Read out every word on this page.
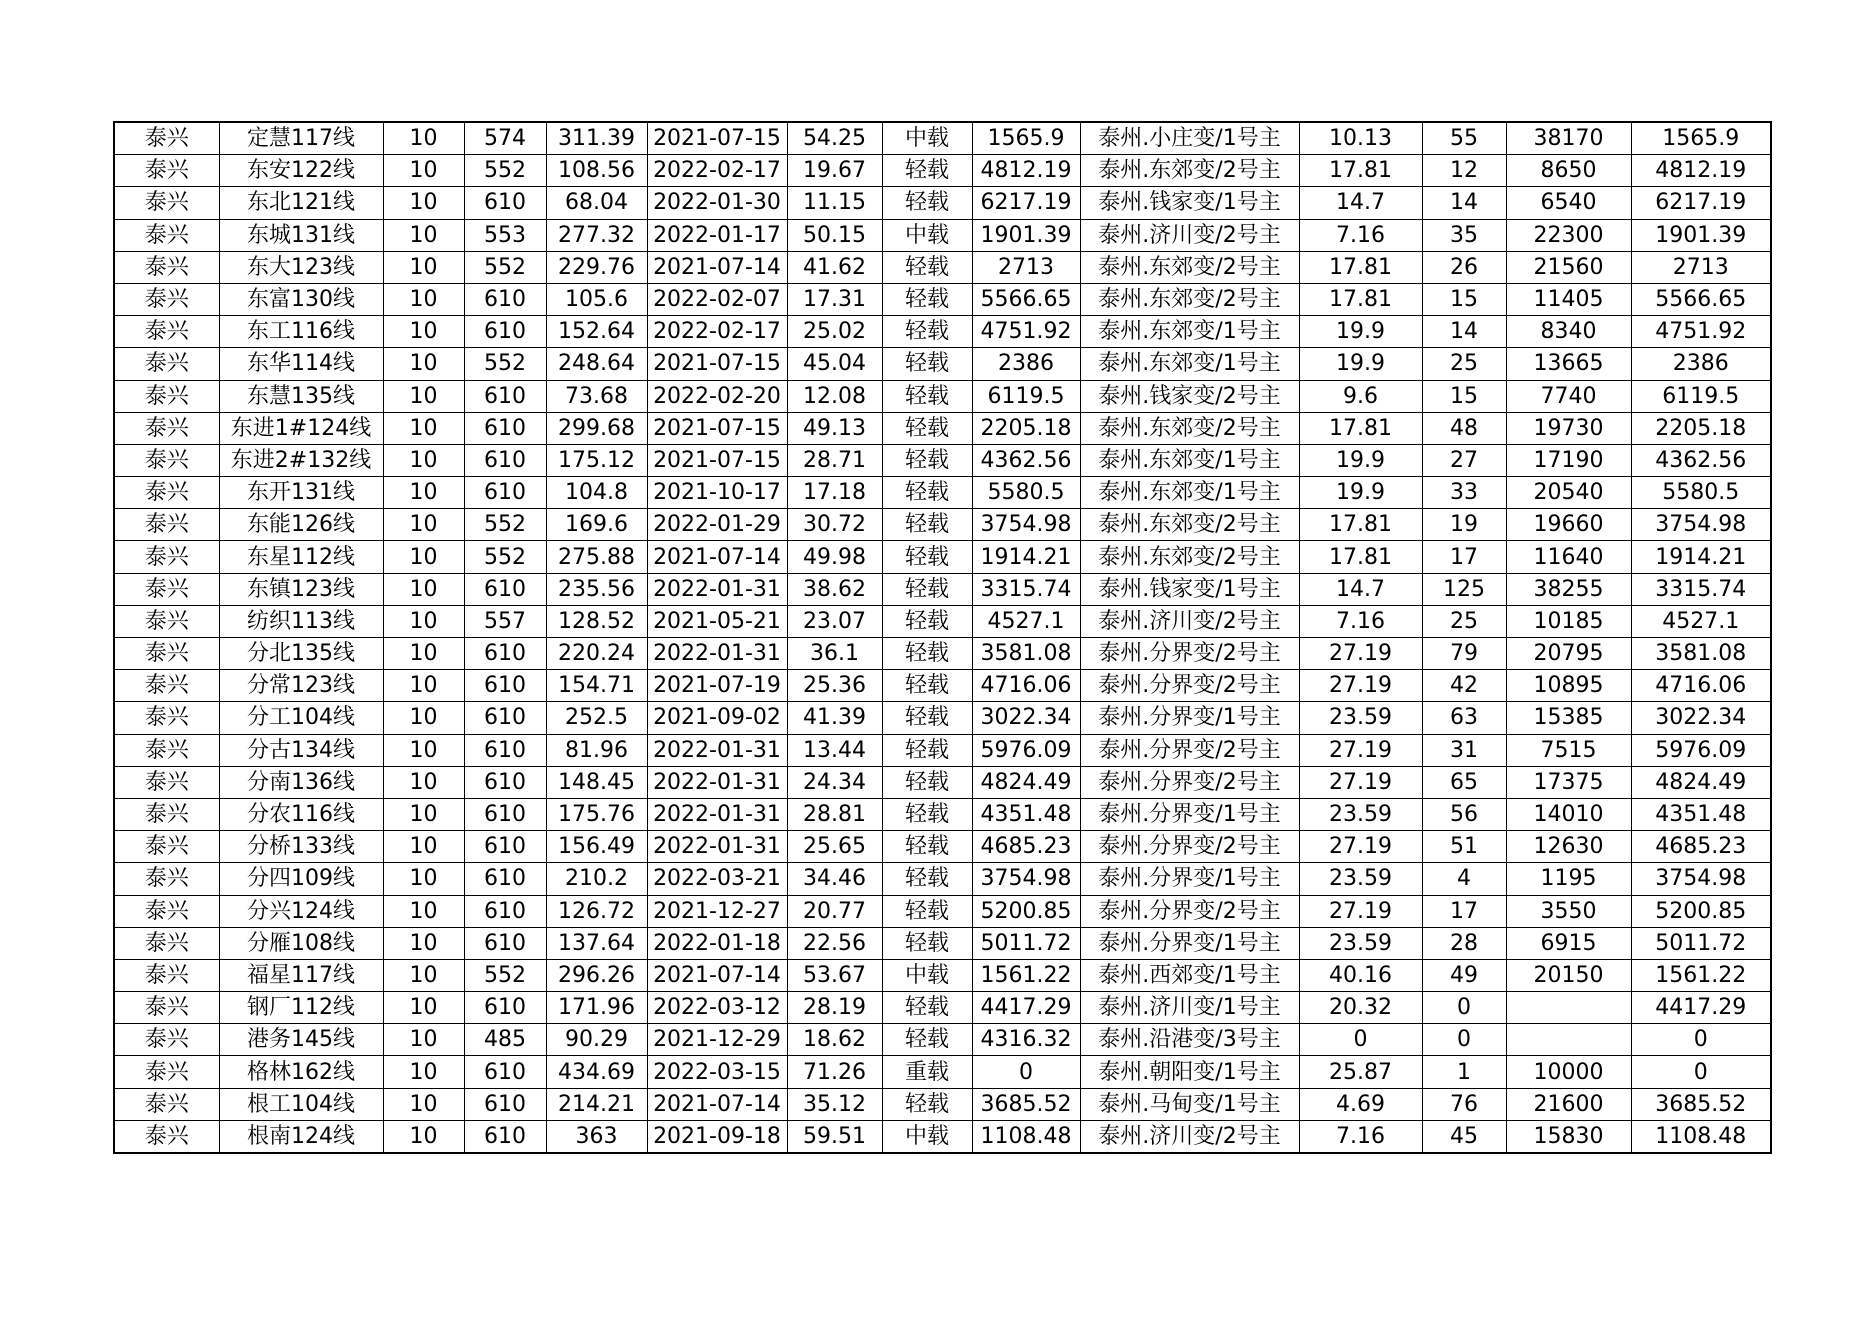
泰兴	定慧117线	10	574	311.39	2021-07-15	54.25	中载	1565.9	泰州.小庄变/1号主	10.13	55	38170	1565.9
泰兴	东安122线	10	552	108.56	2022-02-17	19.67	轻载	4812.19	泰州.东郊变/2号主	17.81	12	8650	4812.19
泰兴	东北121线	10	610	68.04	2022-01-30	11.15	轻载	6217.19	泰州.钱家变/1号主	14.7	14	6540	6217.19
泰兴	东城131线	10	553	277.32	2022-01-17	50.15	中载	1901.39	泰州.济川变/2号主	7.16	35	22300	1901.39
泰兴	东大123线	10	552	229.76	2021-07-14	41.62	轻载	2713	泰州.东郊变/2号主	17.81	26	21560	2713
泰兴	东富130线	10	610	105.6	2022-02-07	17.31	轻载	5566.65	泰州.东郊变/2号主	17.81	15	11405	5566.65
泰兴	东工116线	10	610	152.64	2022-02-17	25.02	轻载	4751.92	泰州.东郊变/1号主	19.9	14	8340	4751.92
泰兴	东华114线	10	552	248.64	2021-07-15	45.04	轻载	2386	泰州.东郊变/1号主	19.9	25	13665	2386
泰兴	东慧135线	10	610	73.68	2022-02-20	12.08	轻载	6119.5	泰州.钱家变/2号主	9.6	15	7740	6119.5
泰兴	东进1#124线	10	610	299.68	2021-07-15	49.13	轻载	2205.18	泰州.东郊变/2号主	17.81	48	19730	2205.18
泰兴	东进2#132线	10	610	175.12	2021-07-15	28.71	轻载	4362.56	泰州.东郊变/1号主	19.9	27	17190	4362.56
泰兴	东开131线	10	610	104.8	2021-10-17	17.18	轻载	5580.5	泰州.东郊变/1号主	19.9	33	20540	5580.5
泰兴	东能126线	10	552	169.6	2022-01-29	30.72	轻载	3754.98	泰州.东郊变/2号主	17.81	19	19660	3754.98
泰兴	东星112线	10	552	275.88	2021-07-14	49.98	轻载	1914.21	泰州.东郊变/2号主	17.81	17	11640	1914.21
泰兴	东镇123线	10	610	235.56	2022-01-31	38.62	轻载	3315.74	泰州.钱家变/1号主	14.7	125	38255	3315.74
泰兴	纺织113线	10	557	128.52	2021-05-21	23.07	轻载	4527.1	泰州.济川变/2号主	7.16	25	10185	4527.1
泰兴	分北135线	10	610	220.24	2022-01-31	36.1	轻载	3581.08	泰州.分界变/2号主	27.19	79	20795	3581.08
泰兴	分常123线	10	610	154.71	2021-07-19	25.36	轻载	4716.06	泰州.分界变/2号主	27.19	42	10895	4716.06
泰兴	分工104线	10	610	252.5	2021-09-02	41.39	轻载	3022.34	泰州.分界变/1号主	23.59	63	15385	3022.34
泰兴	分古134线	10	610	81.96	2022-01-31	13.44	轻载	5976.09	泰州.分界变/2号主	27.19	31	7515	5976.09
泰兴	分南136线	10	610	148.45	2022-01-31	24.34	轻载	4824.49	泰州.分界变/2号主	27.19	65	17375	4824.49
泰兴	分农116线	10	610	175.76	2022-01-31	28.81	轻载	4351.48	泰州.分界变/1号主	23.59	56	14010	4351.48
泰兴	分桥133线	10	610	156.49	2022-01-31	25.65	轻载	4685.23	泰州.分界变/2号主	27.19	51	12630	4685.23
泰兴	分四109线	10	610	210.2	2022-03-21	34.46	轻载	3754.98	泰州.分界变/1号主	23.59	4	1195	3754.98
泰兴	分兴124线	10	610	126.72	2021-12-27	20.77	轻载	5200.85	泰州.分界变/2号主	27.19	17	3550	5200.85
泰兴	分雁108线	10	610	137.64	2022-01-18	22.56	轻载	5011.72	泰州.分界变/1号主	23.59	28	6915	5011.72
泰兴	福星117线	10	552	296.26	2021-07-14	53.67	中载	1561.22	泰州.西郊变/1号主	40.16	49	20150	1561.22
泰兴	钢厂112线	10	610	171.96	2022-03-12	28.19	轻载	4417.29	泰州.济川变/1号主	20.32	0		4417.29
泰兴	港务145线	10	485	90.29	2021-12-29	18.62	轻载	4316.32	泰州.沿港变/3号主	0	0		0
泰兴	格林162线	10	610	434.69	2022-03-15	71.26	重载	0	泰州.朝阳变/1号主	25.87	1	10000	0
泰兴	根工104线	10	610	214.21	2021-07-14	35.12	轻载	3685.52	泰州.马甸变/1号主	4.69	76	21600	3685.52
泰兴	根南124线	10	610	363	2021-09-18	59.51	中载	1108.48	泰州.济川变/2号主	7.16	45	15830	1108.48
